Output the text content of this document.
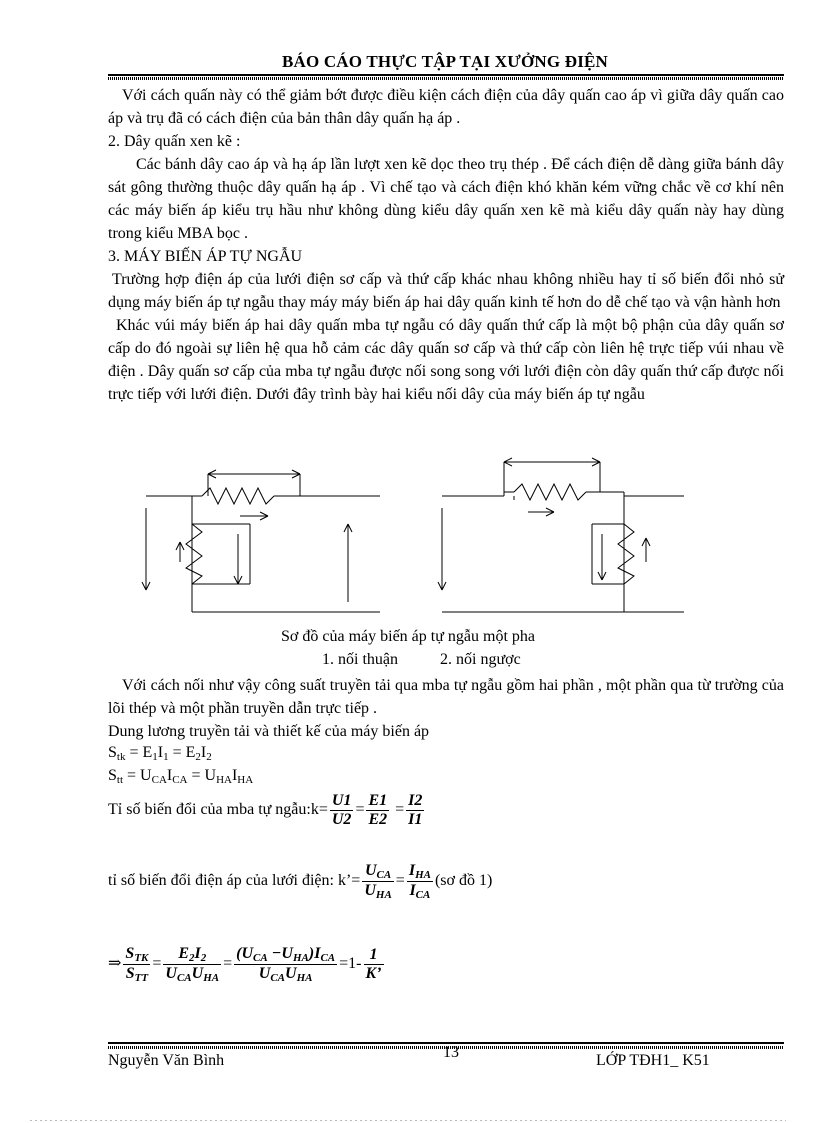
BÁO CÁO THỰC TẬP TẠI XƯỞNG ĐIỆN

Với cách quấn này có thể giảm bớt được điều kiện cách điện của dây quấn cao áp vì giữa dây quấn cao áp và trụ đã có cách điện của bản thân dây quấn hạ áp .

2. Dây quấn xen kẽ :

Các bánh dây cao áp và hạ áp lần lượt xen kẽ dọc theo trụ thép . Để cách điện dễ dàng giữa bánh dây sát gông thường thuộc dây quấn hạ áp . Vì chế tạo và cách điện khó khăn kém vững chắc về cơ khí nên các máy biến áp kiểu trụ hầu như không dùng kiểu dây quấn xen kẽ mà kiểu dây quấn này hay dùng trong kiểu MBA bọc .

3. MÁY BIẾN ÁP TỰ NGẪU

Trường hợp điện áp của lưới điện sơ cấp và thứ cấp khác nhau không nhiều hay tỉ số biến đổi nhỏ sử dụng máy biến áp tự ngẫu thay máy máy biến áp hai dây quấn kinh tế hơn do dễ chế tạo và vận hành hơn

Khác vúi máy biến áp hai dây quấn mba tự ngẫu có dây quấn thứ cấp là một bộ phận của dây quấn sơ cấp do đó ngoài sự liên hệ qua hỗ cảm các dây quấn sơ cấp và thứ cấp còn liên hệ trực tiếp vúi nhau về điện . Dây quấn sơ cấp của mba tự ngẫu được nối song song với lưới điện còn dây quấn thứ cấp được nối trực tiếp với lưới điện. Dưới đây trình bày hai kiểu nối dây của máy biến áp tự ngẫu

Sơ đồ của máy biến áp tự ngẫu một pha
1. nối thuận	2. nối ngược

Với cách nối như vậy công suất truyền tải qua mba tự ngẫu gồm hai phần , một phần qua từ trường của lõi thép và một phần truyền dẫn trực tiếp .

Dung lương truyền tải và thiết kế của máy biến áp

$S_{tk} = E_1I_1 = E_2I_2$
$S_{tt} = U_{CA}I_{CA} = U_{HA}I_{HA}$
Tỉ số biến đổi của mba tự ngẫu:k= $\frac{U1}{U2} = \frac{E1}{E2} = \frac{I2}{I1}$
tỉ số biến đổi điện áp của lưới điện: k’= $\frac{U_{CA}}{U_{HA}} = \frac{I_{HA}}{I_{CA}}$ (sơ đồ 1)
⇒ $\frac{S_{TK}}{S_{TT}} = \frac{E_2I_2}{U_{CA}U_{HA}} = \frac{(U_{CA} -U_{HA})I_{CA}}{U_{CA}U_{HA}} =1- \frac{1}{K’}$
Nguyễn Văn Bình	13	LỚP TĐH1_ K51
